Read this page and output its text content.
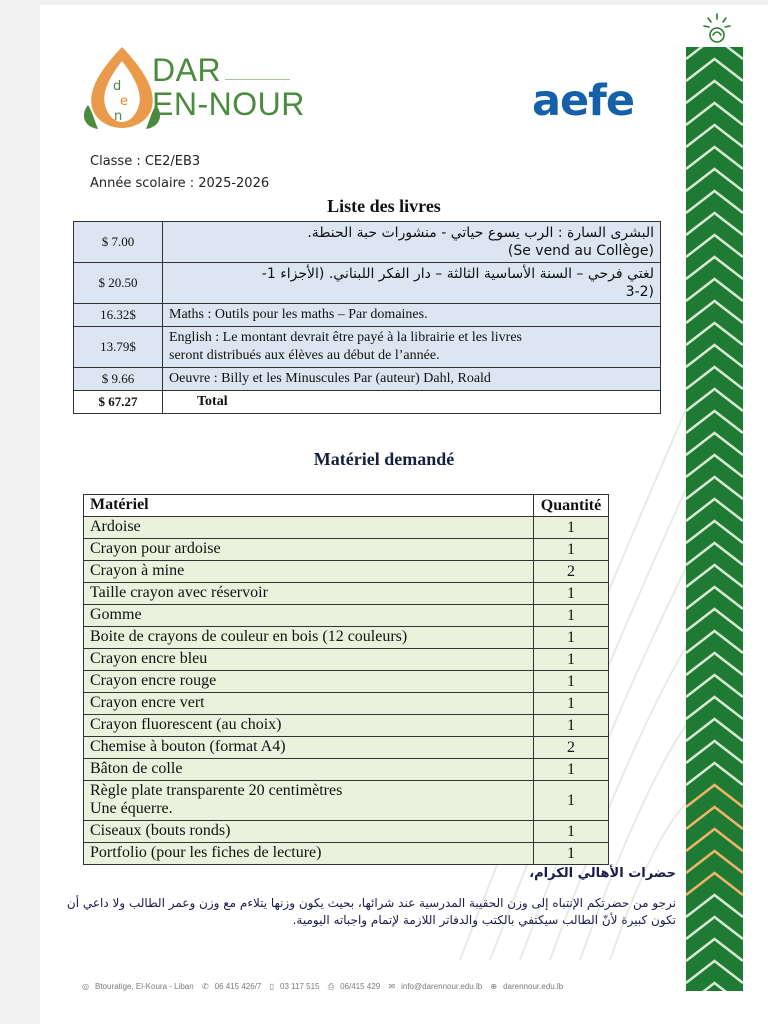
d
e
n
DAR
EN-NOUR	aefe
Classe : CE2/EB3
Année scolaire : 2025-2026
Liste des livres
$ 7.00	البشرى السارة : الرب يسوع حياتي - منشورات حبة الحنطة.
(Se vend au Collège)

$ 20.50	لغتي فرحي – السنة الأساسية الثالثة – دار الفكر اللبناني. (الأجزاء 1-
(3-2

16.32$	Maths : Outils pour les maths – Par domaines.

13.79$	English : Le montant devrait être payé à la librairie et les livres
seront distribués aux élèves au début de l’année.

$ 9.66	Oeuvre : Billy et les Minuscules Par (auteur) Dahl, Roald

$ 67.27	Total
Matériel demandé
Matériel	Quantité

Ardoise	1

Crayon pour ardoise	1

Crayon à mine	2

Taille crayon avec réservoir	1

Gomme	1

Boite de crayons de couleur en bois (12 couleurs)	1

Crayon encre bleu	1

Crayon encre rouge	1

Crayon encre vert	1

Crayon fluorescent (au choix)	1

Chemise à bouton (format A4)	2

Bâton de colle	1

Règle plate transparente 20 centimètres
Une équerre.	1

Ciseaux (bouts ronds)	1

Portfolio (pour les fiches de lecture)	1
حضرات الأهالي الكرام،
نرجو من حضرتكم الإنتباه إلى وزن الحقيبة المدرسية عند شرائها، بحيث يكون وزنها يتلاءم مع وزن وعمر الطالب ولا داعي أن تكون كبيرة لأنّ الطالب سيكتفي بالكتب والدفاتر اللازمة لإتمام واجباته اليومية.
◎ Btouratige, El-Koura - Liban ✆ 06 415 426/7 ▯ 03 117 515 ⎙ 06/415 429 ✉ info@darennour.edu.lb ⊕ darennour.edu.lb
